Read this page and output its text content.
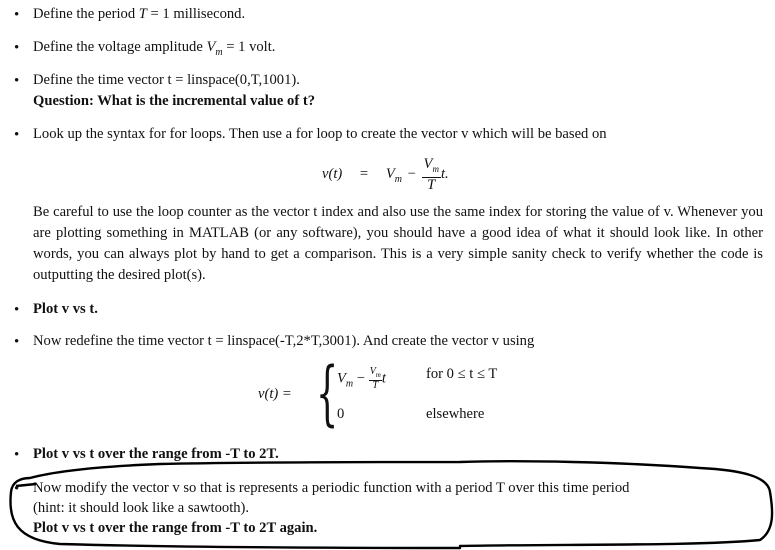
• Define the period T = 1 millisecond.
• Define the voltage amplitude $V_m = 1$ volt.
• Define the time vector t = linspace(0,T,1001).
Question: What is the incremental value of t?
• Look up the syntax for for loops. Then use a for loop to create the vector v which will be based on
$v(t) = V_m - \frac{V_m}{T} t$.
Be careful to use the loop counter as the vector t index and also use the same index for storing the value of v. Whenever you are plotting something in MATLAB (or any software), you should have a good idea of what it should look like. In other words, you can always plot by hand to get a comparison. This is a very simple sanity check to verify whether the code is outputting the desired plot(s).
• Plot v vs t.
• Now redefine the time vector t = linspace(-T,2*T,3001). And create the vector v using
v(t) = {
$V_m - \frac{V_m}{T}$ t	for 0 ≤ t ≤ T
0	elsewhere
• Plot v vs t over the range from -T to 2T.
• Now modify the vector v so that is represents a periodic function with a period T over this time period
(hint: it should look like a sawtooth).
Plot v vs t over the range from -T to 2T again.
